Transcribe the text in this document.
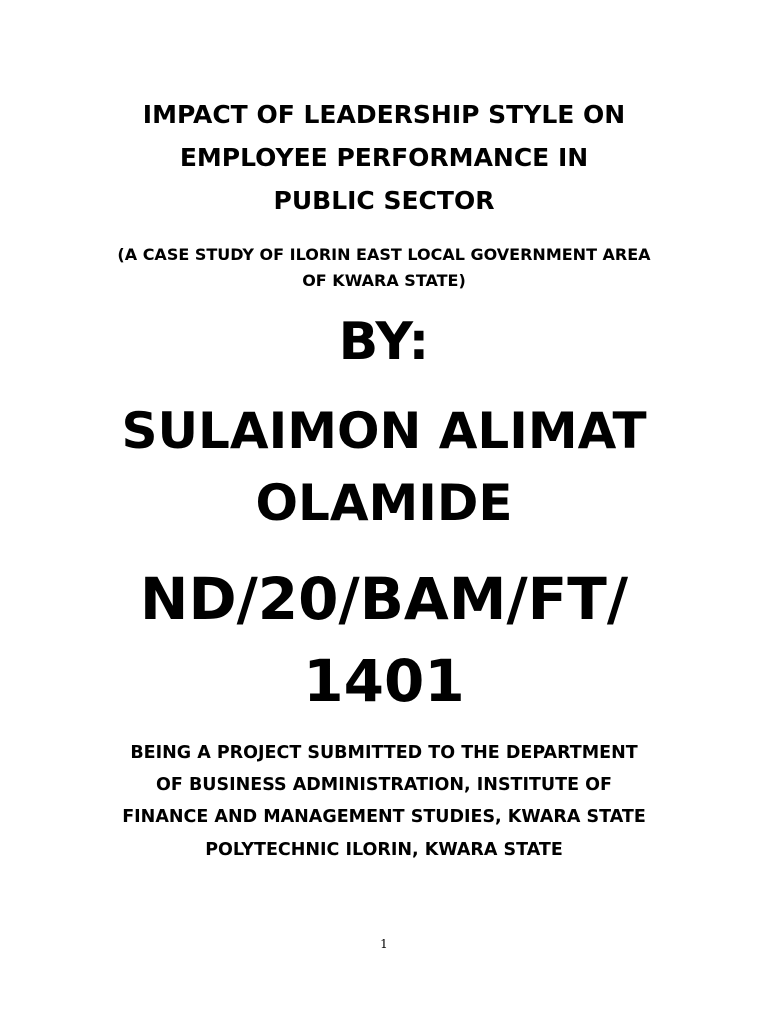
IMPACT OF LEADERSHIP STYLE ON
EMPLOYEE PERFORMANCE IN
PUBLIC SECTOR
(A CASE STUDY OF ILORIN EAST LOCAL GOVERNMENT AREA
OF KWARA STATE)
BY:
SULAIMON ALIMAT
OLAMIDE
ND/20/BAM/FT/
1401
BEING A PROJECT SUBMITTED TO THE DEPARTMENT
OF BUSINESS ADMINISTRATION, INSTITUTE OF
FINANCE AND MANAGEMENT STUDIES, KWARA STATE
POLYTECHNIC ILORIN, KWARA STATE
1
